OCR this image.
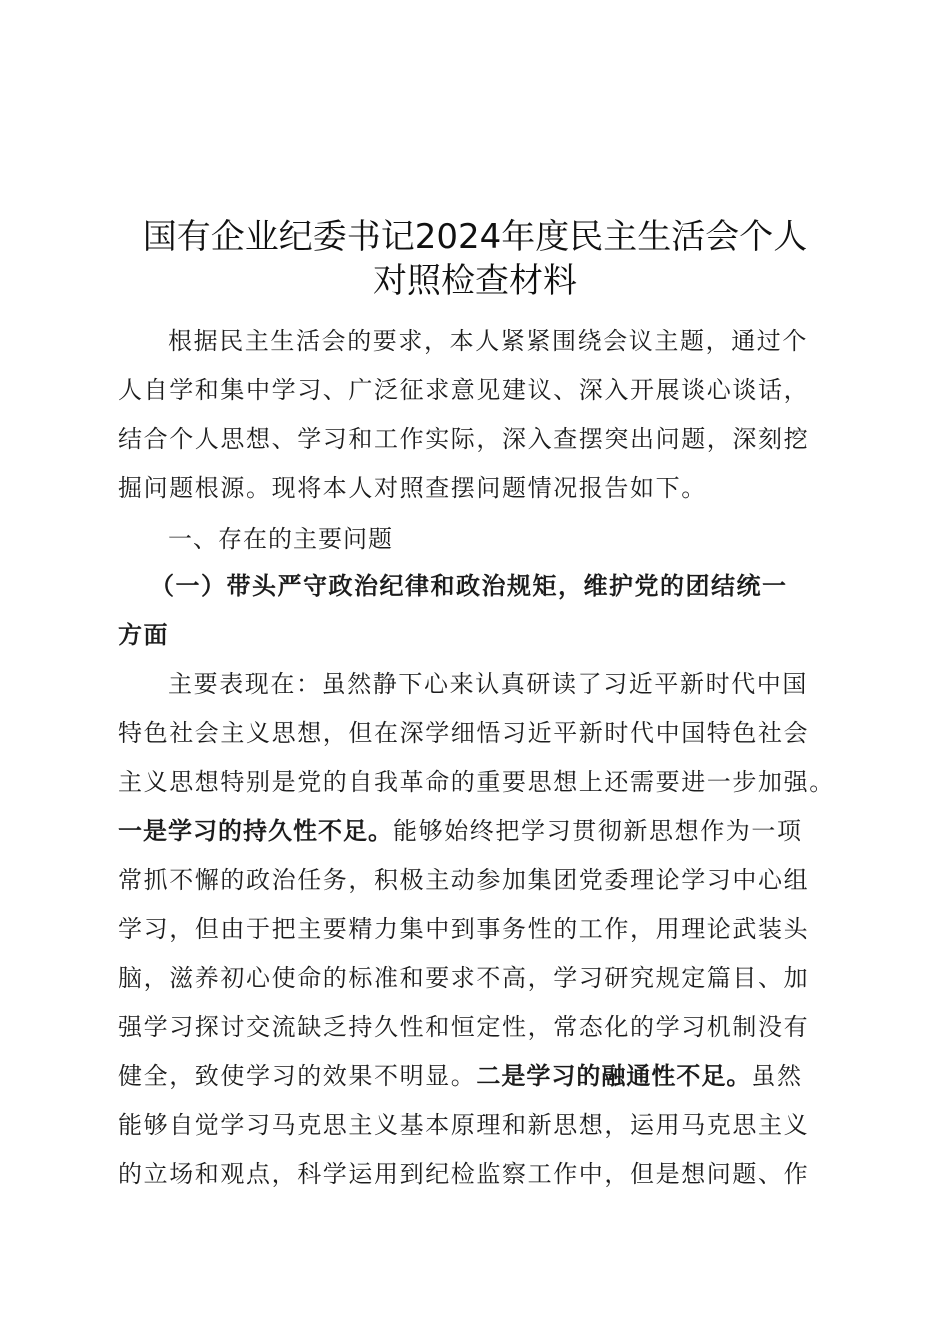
国有企业纪委书记2024年度民主生活会个人
对照检查材料
根据民主生活会的要求，本人紧紧围绕会议主题，通过个
人自学和集中学习、广泛征求意见建议、深入开展谈心谈话，
结合个人思想、学习和工作实际，深入查摆突出问题，深刻挖
掘问题根源。现将本人对照查摆问题情况报告如下。
一、存在的主要问题
（一）带头严守政治纪律和政治规矩，维护党的团结统一
方面
主要表现在：虽然静下心来认真研读了习近平新时代中国
特色社会主义思想，但在深学细悟习近平新时代中国特色社会
主义思想特别是党的自我革命的重要思想上还需要进一步加强。
一是学习的持久性不足。能够始终把学习贯彻新思想作为一项
常抓不懈的政治任务，积极主动参加集团党委理论学习中心组
学习，但由于把主要精力集中到事务性的工作，用理论武装头
脑，滋养初心使命的标准和要求不高，学习研究规定篇目、加
强学习探讨交流缺乏持久性和恒定性，常态化的学习机制没有
健全，致使学习的效果不明显。二是学习的融通性不足。虽然
能够自觉学习马克思主义基本原理和新思想，运用马克思主义
的立场和观点，科学运用到纪检监察工作中，但是想问题、作
